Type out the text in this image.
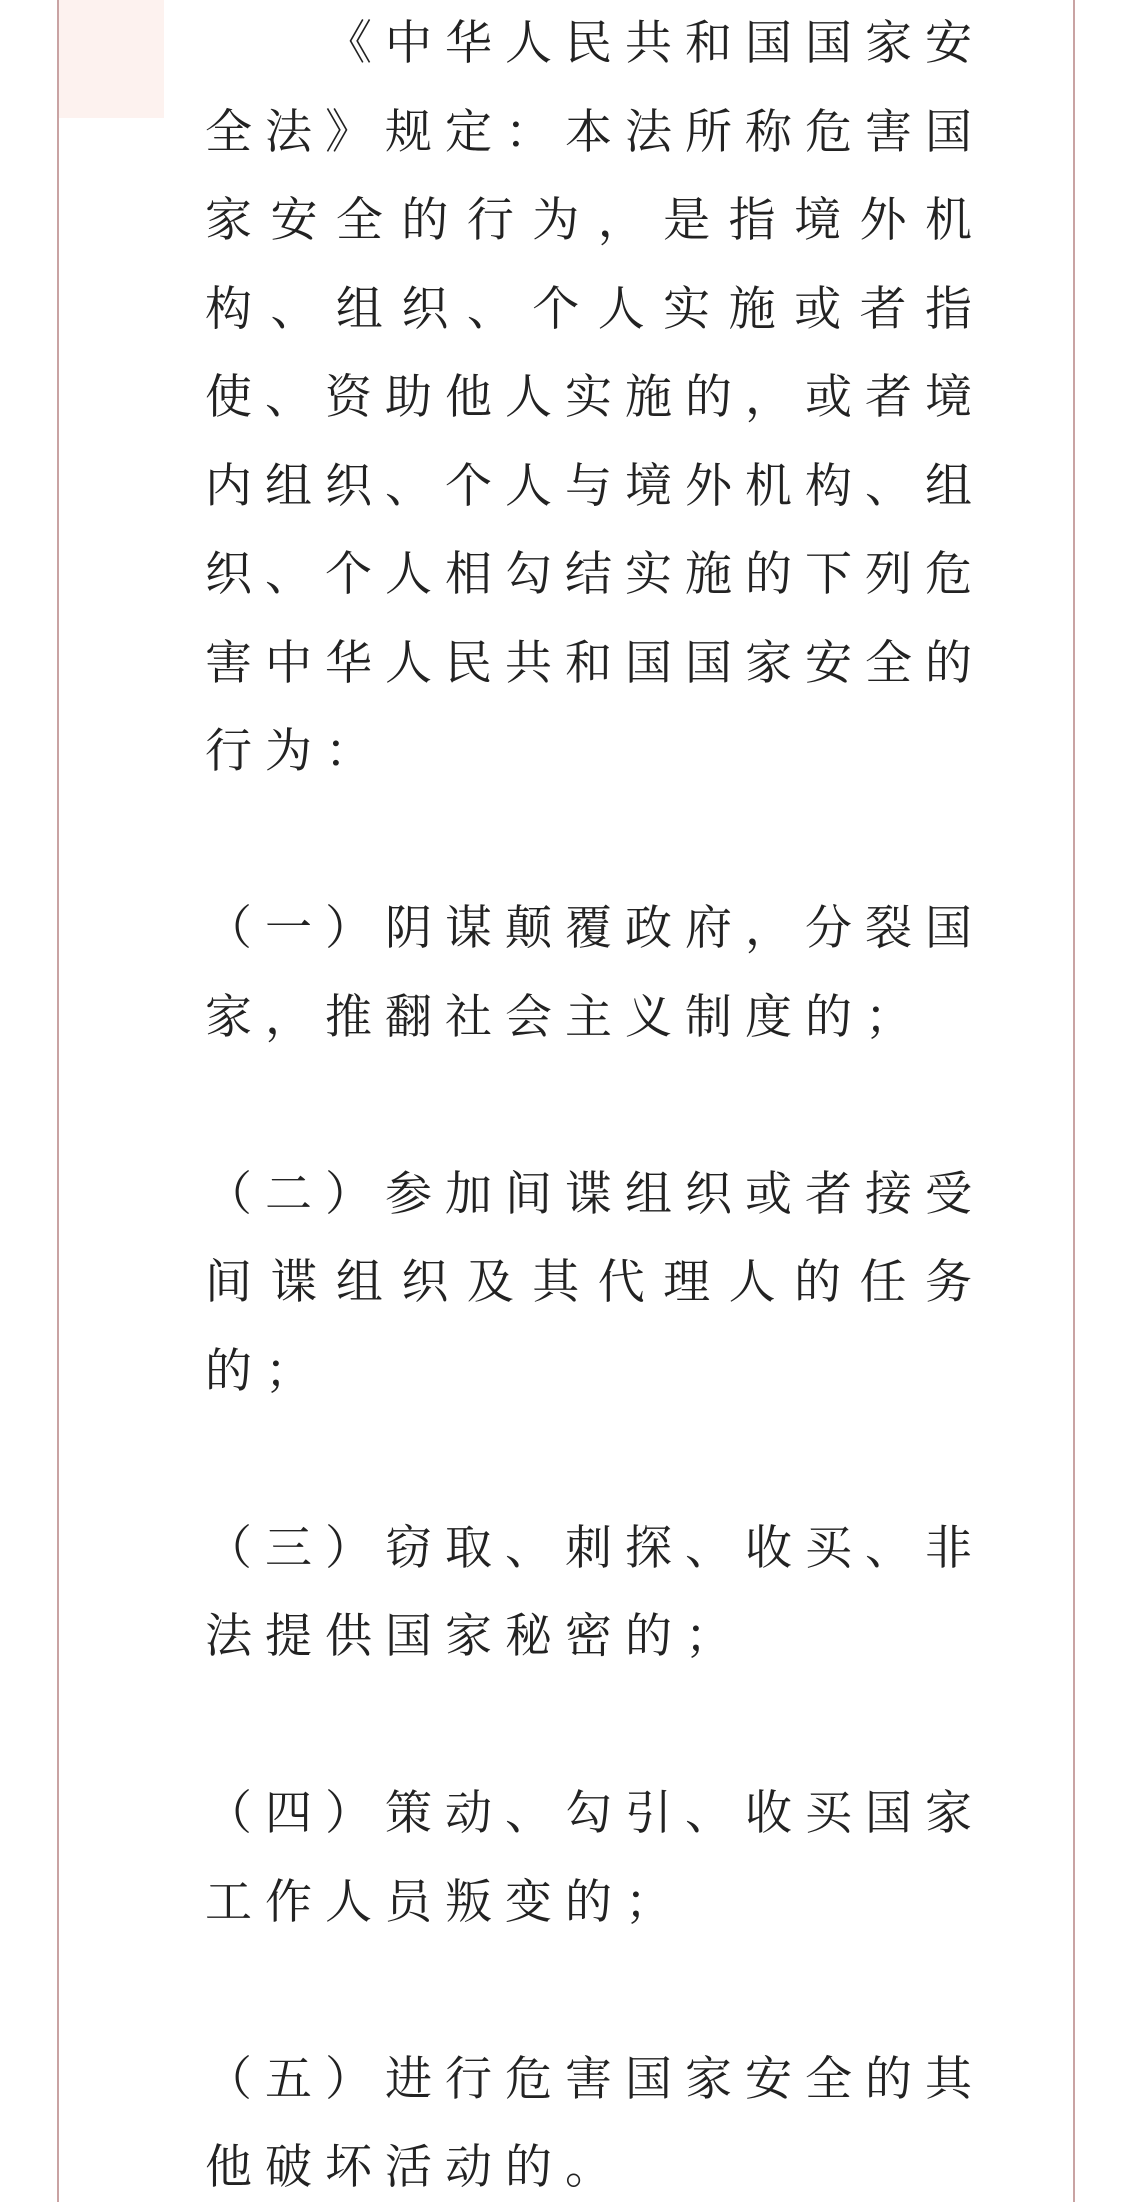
《中华人民共和国国家安全法》规定：本法所称危害国家安全的行为，是指境外机构、组织、个人实施或者指使、资助他人实施的，或者境内组织、个人与境外机构、组织、个人相勾结实施的下列危害中华人民共和国国家安全的行为：

（一）阴谋颠覆政府，分裂国家，推翻社会主义制度的；

（二）参加间谍组织或者接受间谍组织及其代理人的任务的；

（三）窃取、刺探、收买、非法提供国家秘密的；

（四）策动、勾引、收买国家工作人员叛变的；

（五）进行危害国家安全的其他破坏活动的。
